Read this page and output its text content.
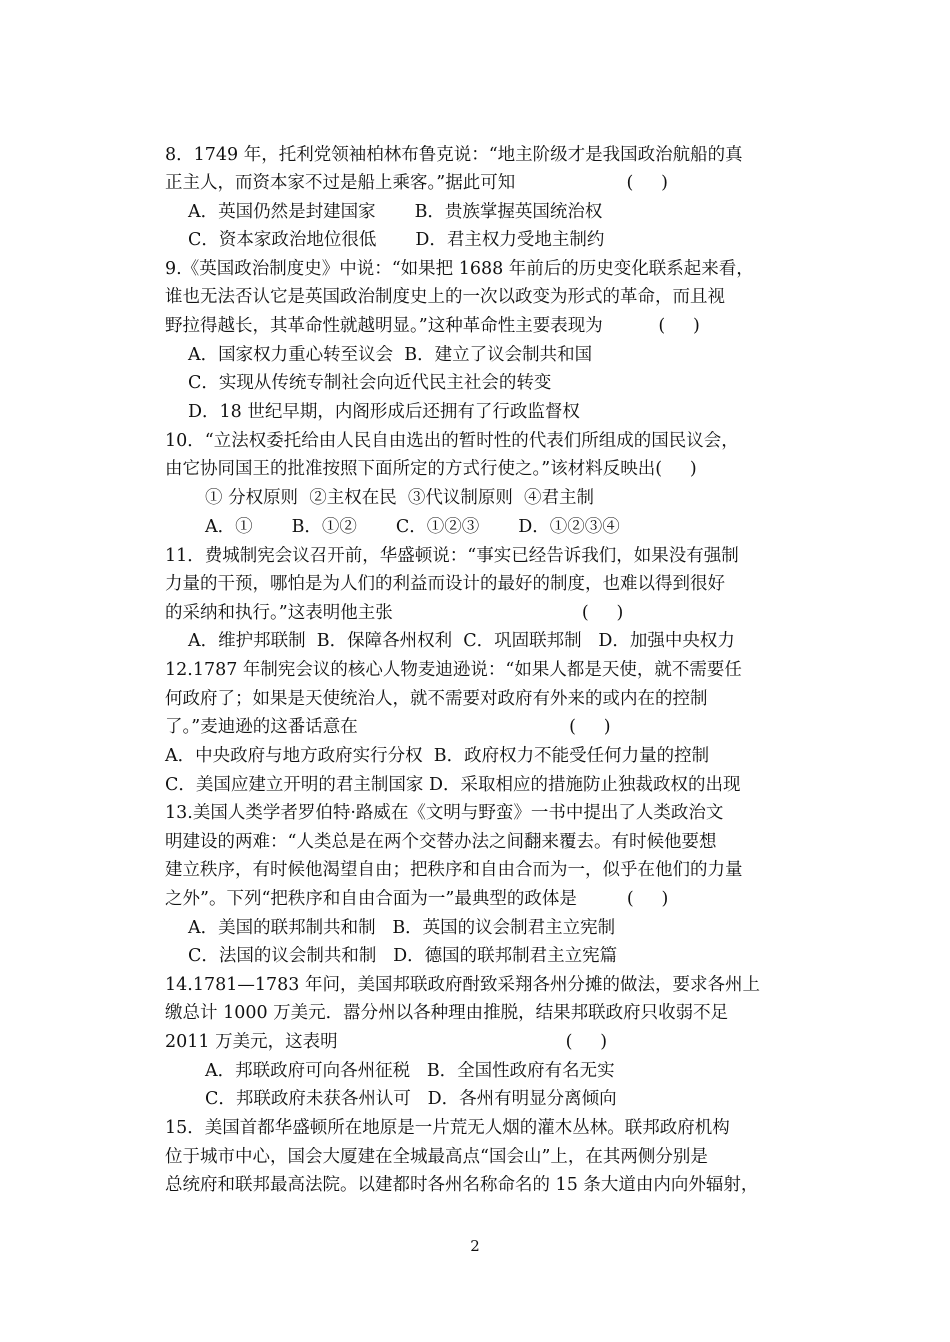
8．1749 年，托利党领袖柏林布鲁克说：“地主阶级才是我国政治航船的真
正主人，而资本家不过是船上乘客。”据此可知                    (     )
A．英国仍然是封建国家       B．贵族掌握英国统治权
C．资本家政治地位很低       D．君主权力受地主制约
9.《英国政治制度史》中说：“如果把 1688 年前后的历史变化联系起来看，
谁也无法否认它是英国政治制度史上的一次以政变为形式的革命，而且视
野拉得越长，其革命性就越明显。”这种革命性主要表现为          (     )
A．国家权力重心转至议会  B．建立了议会制共和国
C．实现从传统专制社会向近代民主社会的转变
D．18 世纪早期，内阁形成后还拥有了行政监督权
10．“立法权委托给由人民自由选出的暂时性的代表们所组成的国民议会，
由它协同国王的批准按照下面所定的方式行使之。”该材料反映出(     )
① 分权原则  ②主权在民  ③代议制原则  ④君主制
A．①       B．①②       C．①②③       D．①②③④
11．费城制宪会议召开前，华盛顿说：“事实已经告诉我们，如果没有强制
力量的干预，哪怕是为人们的利益而设计的最好的制度，也难以得到很好
的采纳和执行。”这表明他主张                                  (     )
A．维护邦联制  B．保障各州权利  C．巩固联邦制   D．加强中央权力
12.1787 年制宪会议的核心人物麦迪逊说：“如果人都是天使，就不需要任
何政府了；如果是天使统治人，就不需要对政府有外来的或内在的控制
了。”麦迪逊的这番话意在                                      (     )
A．中央政府与地方政府实行分权  B．政府权力不能受任何力量的控制
C．美国应建立开明的君主制国家 D．采取相应的措施防止独裁政权的出现
13.美国人类学者罗伯特·路威在《文明与野蛮》一书中提出了人类政治文
明建设的两难：“人类总是在两个交替办法之间翻来覆去。有时候他要想
建立秩序，有时候他渴望自由；把秩序和自由合而为一，似乎在他们的力量
之外”。下列“把秩序和自由合面为一”最典型的政体是         (     )
A．美国的联邦制共和制   B．英国的议会制君主立宪制
C．法国的议会制共和制   D．德国的联邦制君主立宪篇
14.1781—1783 年问，美国邦联政府酎致采翔各州分摊的做法，要求各州上
缴总计 1000 万美元．嚣分州以各种理由推脱，结果邦联政府只收弱不足
2011 万美元，这表明                                         (     )
A．邦联政府可向各州征税   B．全国性政府有名无实
C．邦联政府未获各州认可   D．各州有明显分离倾向
15．美国首都华盛顿所在地原是一片荒无人烟的灌木丛林。联邦政府机构
位于城市中心，国会大厦建在全城最高点“国会山”上，在其两侧分别是
总统府和联邦最高法院。以建都时各州名称命名的 15 条大道由内向外辐射，
2
